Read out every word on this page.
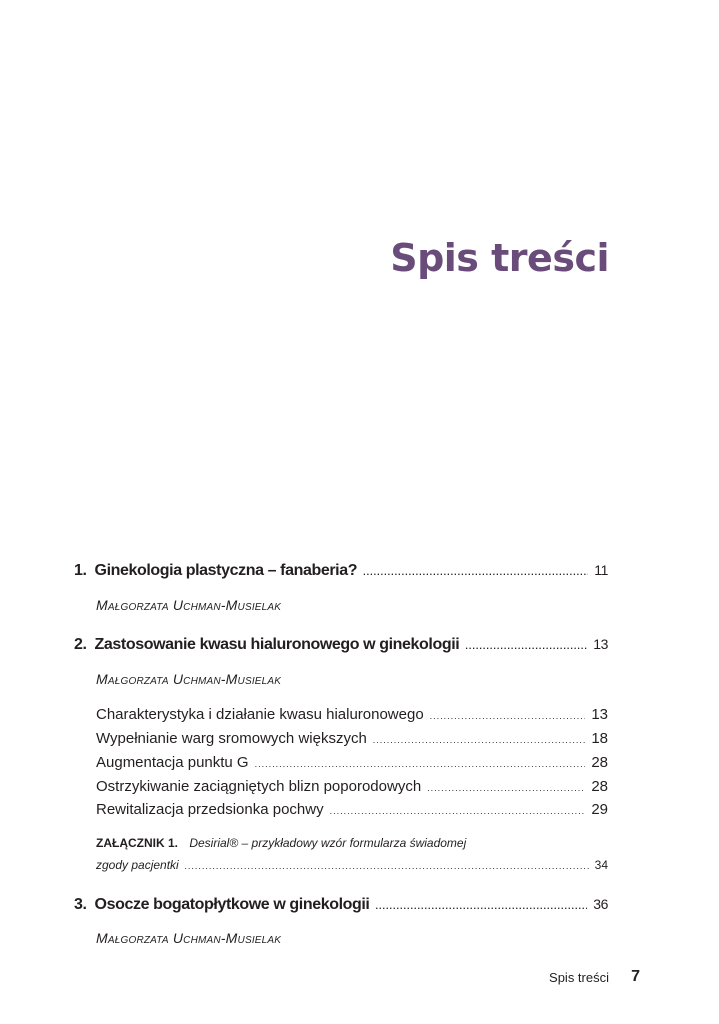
Spis treści
1. Ginekologia plastyczna – fanaberia? .....	11
Małgorzata Uchman-Musielak
2. Zastosowanie kwasu hialuronowego w ginekologii .....	13
Małgorzata Uchman-Musielak
Charakterystyka i działanie kwasu hialuronowego .....	13
Wypełnianie warg sromowych większych .....	18
Augmentacja punktu G .....	28
Ostrzykiwanie zaciągniętych blizn poporodowych .....	28
Rewitalizacja przedsionka pochwy .....	29
ZAŁĄCZNIK 1. Desirial® – przykładowy wzór formularza świadomej
zgody pacjentki .....	34
3. Osocze bogatopłytkowe w ginekologii .....	36
Małgorzata Uchman-Musielak
Spis treści 7
